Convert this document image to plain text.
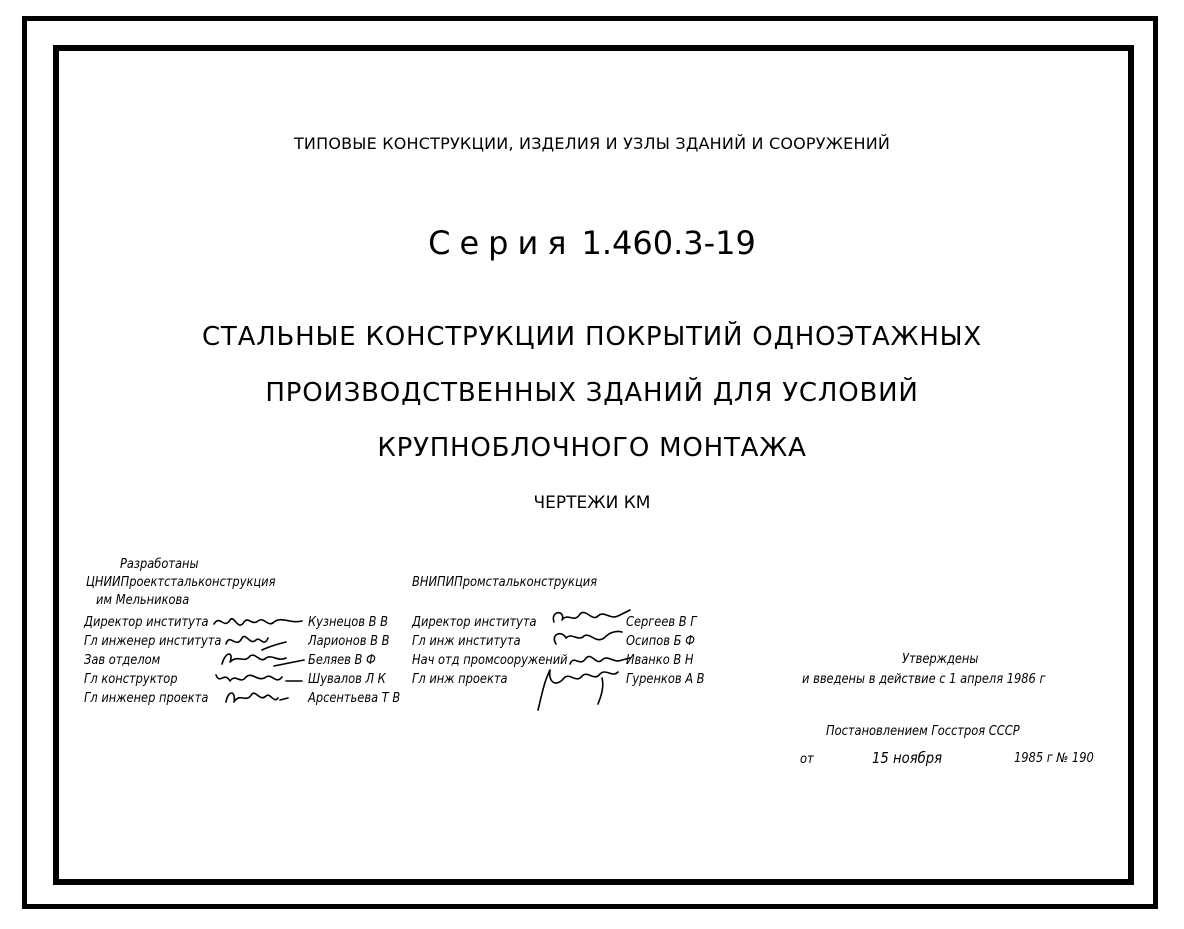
ТИПОВЫЕ КОНСТРУКЦИИ, ИЗДЕЛИЯ И УЗЛЫ ЗДАНИЙ И СООРУЖЕНИЙ
Серия 1.460.3-19
СТАЛЬНЫЕ КОНСТРУКЦИИ ПОКРЫТИЙ ОДНОЭТАЖНЫХ
ПРОИЗВОДСТВЕННЫХ ЗДАНИЙ ДЛЯ УСЛОВИЙ
КРУПНОБЛОЧНОГО МОНТАЖА
ЧЕРТЕЖИ КМ
Разработаны
ЦНИИПроектстальконструкция
им Мельникова
Директор института	Кузнецов В В
Гл инженер института	Ларионов В В
Зав отделом	Беляев В Ф
Гл конструктор	Шувалов Л К
Гл инженер проекта	Арсентьева Т В
ВНИПИПромстальконструкция
Директор института	Сергеев В Г
Гл инж института	Осипов Б Ф
Нач отд промсооружений	Иванко В Н
Гл инж проекта	Гуренков А В
Утверждены
и введены в действие с 1 апреля 1986 г
Постановлением Госстроя СССР
от	15 ноября	1985 г № 190
